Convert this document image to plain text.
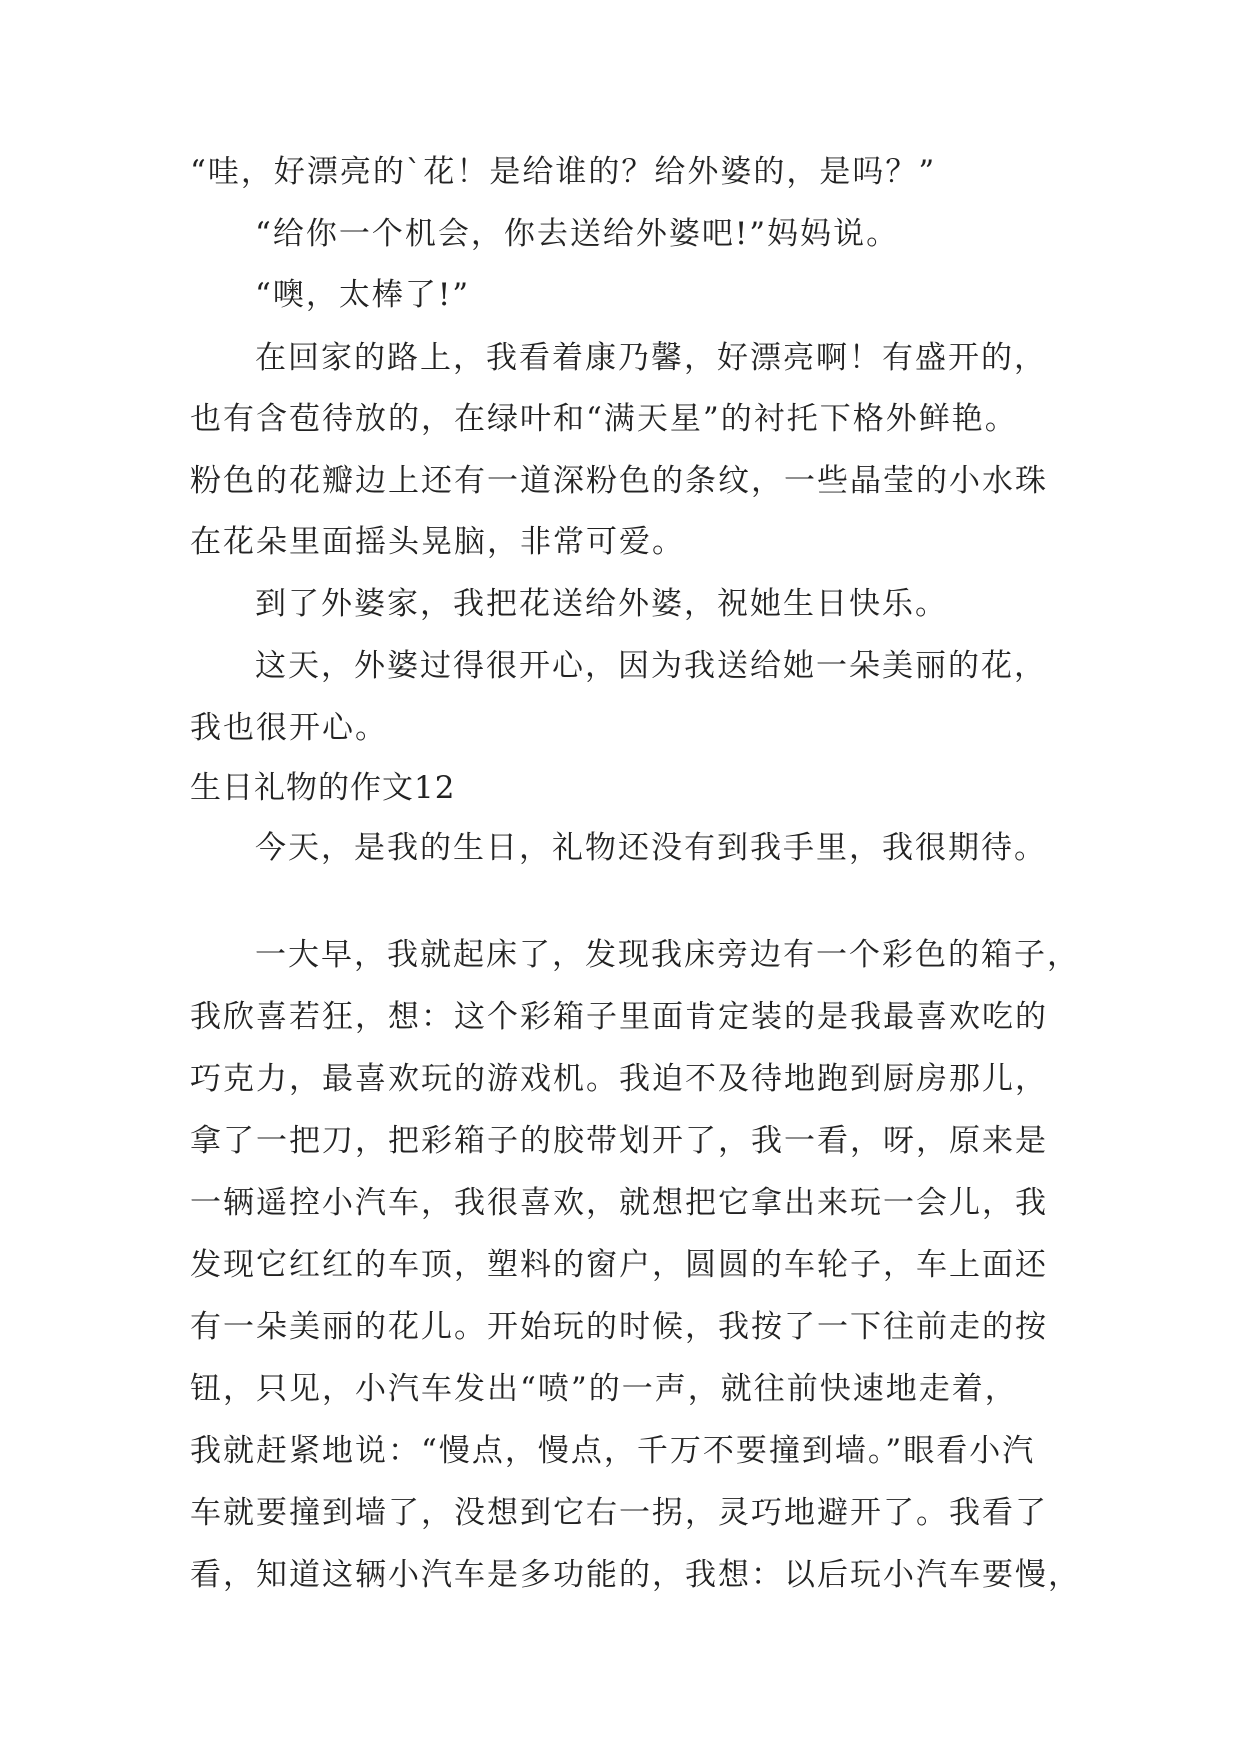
“哇，好漂亮的`花！是给谁的？给外婆的，是吗？”
“给你一个机会，你去送给外婆吧!”妈妈说。
“噢，太棒了!”
在回家的路上，我看着康乃馨，好漂亮啊！有盛开的，
也有含苞待放的，在绿叶和“满天星”的衬托下格外鲜艳。
粉色的花瓣边上还有一道深粉色的条纹，一些晶莹的小水珠
在花朵里面摇头晃脑，非常可爱。
到了外婆家，我把花送给外婆，祝她生日快乐。
这天，外婆过得很开心，因为我送给她一朵美丽的花，
我也很开心。
生日礼物的作文12
今天，是我的生日，礼物还没有到我手里，我很期待。
一大早，我就起床了，发现我床旁边有一个彩色的箱子，
我欣喜若狂，想：这个彩箱子里面肯定装的是我最喜欢吃的
巧克力，最喜欢玩的游戏机。我迫不及待地跑到厨房那儿，
拿了一把刀，把彩箱子的胶带划开了，我一看，呀，原来是
一辆遥控小汽车，我很喜欢，就想把它拿出来玩一会儿，我
发现它红红的车顶，塑料的窗户，圆圆的车轮子，车上面还
有一朵美丽的花儿。开始玩的时候，我按了一下往前走的按
钮，只见，小汽车发出“喷”的一声，就往前快速地走着，
我就赶紧地说：“慢点，慢点，千万不要撞到墙。”眼看小汽
车就要撞到墙了，没想到它右一拐，灵巧地避开了。我看了
看，知道这辆小汽车是多功能的，我想：以后玩小汽车要慢，
